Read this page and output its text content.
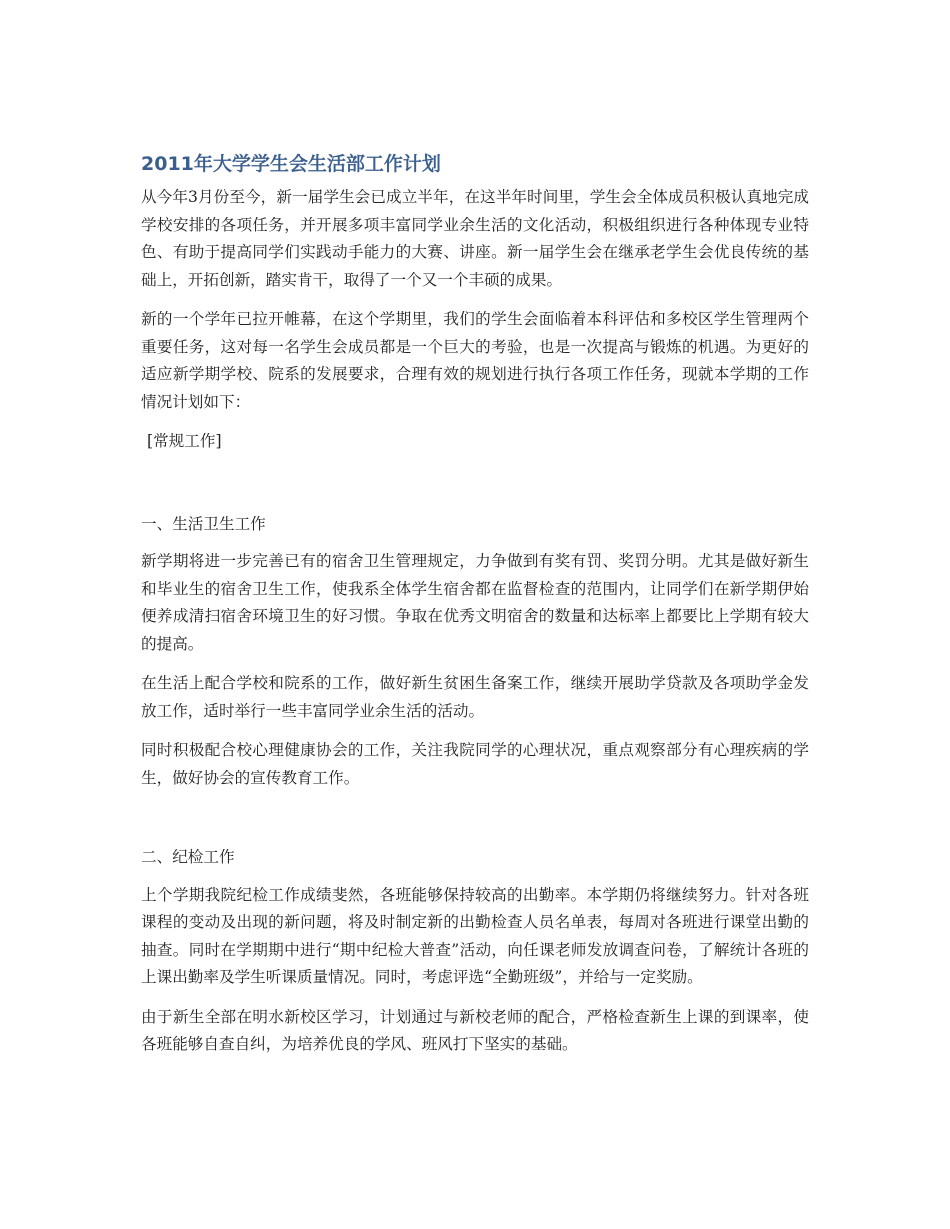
2011年大学学生会生活部工作计划

从今年3月份至今，新一届学生会已成立半年，在这半年时间里，学生会全体成员积极认真地完成学校安排的各项任务，并开展多项丰富同学业余生活的文化活动，积极组织进行各种体现专业特色、有助于提高同学们实践动手能力的大赛、讲座。新一届学生会在继承老学生会优良传统的基础上，开拓创新，踏实肯干，取得了一个又一个丰硕的成果。

新的一个学年已拉开帷幕，在这个学期里，我们的学生会面临着本科评估和多校区学生管理两个重要任务，这对每一名学生会成员都是一个巨大的考验，也是一次提高与锻炼的机遇。为更好的适应新学期学校、院系的发展要求，合理有效的规划进行执行各项工作任务，现就本学期的工作情况计划如下：

[常规工作]

一、生活卫生工作

新学期将进一步完善已有的宿舍卫生管理规定，力争做到有奖有罚、奖罚分明。尤其是做好新生和毕业生的宿舍卫生工作，使我系全体学生宿舍都在监督检查的范围内，让同学们在新学期伊始便养成清扫宿舍环境卫生的好习惯。争取在优秀文明宿舍的数量和达标率上都要比上学期有较大的提高。

在生活上配合学校和院系的工作，做好新生贫困生备案工作，继续开展助学贷款及各项助学金发放工作，适时举行一些丰富同学业余生活的活动。

同时积极配合校心理健康协会的工作，关注我院同学的心理状况，重点观察部分有心理疾病的学生，做好协会的宣传教育工作。

二、纪检工作

上个学期我院纪检工作成绩斐然，各班能够保持较高的出勤率。本学期仍将继续努力。针对各班课程的变动及出现的新问题，将及时制定新的出勤检查人员名单表，每周对各班进行课堂出勤的抽查。同时在学期期中进行“期中纪检大普查”活动，向任课老师发放调查问卷，了解统计各班的上课出勤率及学生听课质量情况。同时，考虑评选“全勤班级”，并给与一定奖励。

由于新生全部在明水新校区学习，计划通过与新校老师的配合，严格检查新生上课的到课率，使各班能够自查自纠，为培养优良的学风、班风打下坚实的基础。
